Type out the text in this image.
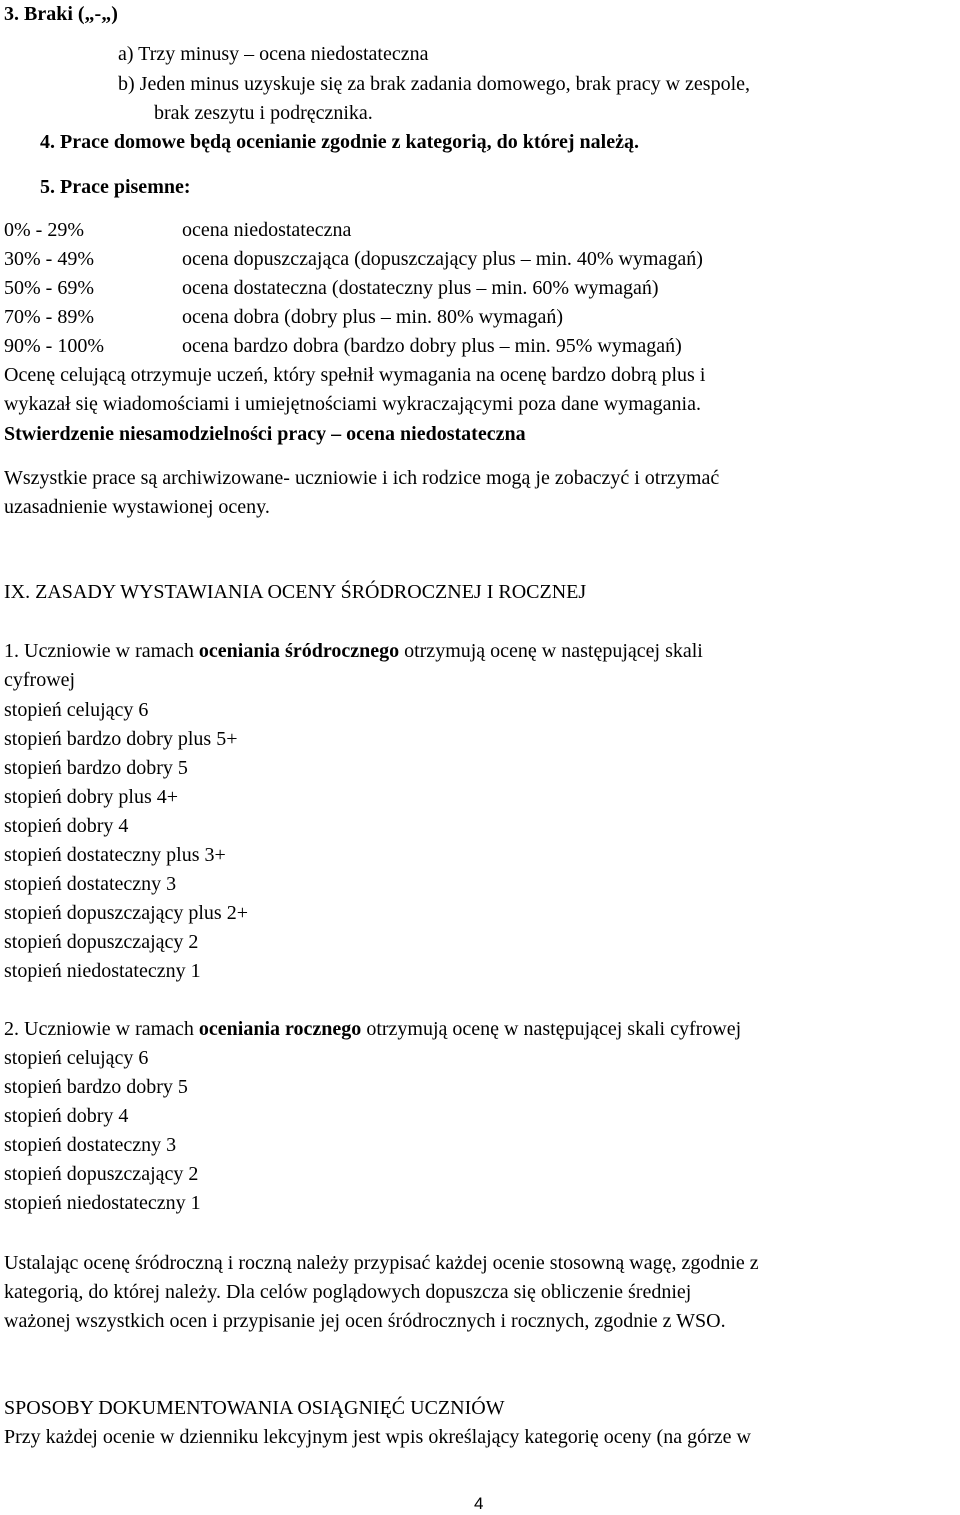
3. Braki („-„)
a) Trzy minusy – ocena niedostateczna
b) Jeden minus uzyskuje się za brak zadania domowego, brak pracy w zespole,
brak zeszytu i podręcznika.
4. Prace domowe będą ocenianie zgodnie z kategorią, do której należą.
5. Prace pisemne:
0% - 29%	ocena niedostateczna
30% - 49%	ocena dopuszczająca (dopuszczający plus – min. 40% wymagań)
50% - 69%	ocena dostateczna (dostateczny plus – min. 60% wymagań)
70% - 89%	ocena dobra (dobry plus – min. 80% wymagań)
90% - 100%	ocena bardzo dobra (bardzo dobry plus – min. 95% wymagań)
Ocenę celującą otrzymuje uczeń, który spełnił wymagania na ocenę bardzo dobrą plus i
wykazał się wiadomościami i umiejętnościami wykraczającymi poza dane wymagania.
Stwierdzenie niesamodzielności pracy – ocena niedostateczna
Wszystkie prace są archiwizowane- uczniowie i ich rodzice mogą je zobaczyć i otrzymać
uzasadnienie wystawionej oceny.
IX. ZASADY WYSTAWIANIA OCENY ŚRÓDROCZNEJ I ROCZNEJ
1. Uczniowie w ramach oceniania śródrocznego otrzymują ocenę w następującej skali
cyfrowej
stopień celujący 6
stopień bardzo dobry plus 5+
stopień bardzo dobry 5
stopień dobry plus 4+
stopień dobry 4
stopień dostateczny plus 3+
stopień dostateczny 3
stopień dopuszczający plus 2+
stopień dopuszczający 2
stopień niedostateczny 1
2. Uczniowie w ramach oceniania rocznego otrzymują ocenę w następującej skali cyfrowej
stopień celujący 6
stopień bardzo dobry 5
stopień dobry 4
stopień dostateczny 3
stopień dopuszczający 2
stopień niedostateczny 1
Ustalając ocenę śródroczną i roczną należy przypisać każdej ocenie stosowną wagę, zgodnie z
kategorią, do której należy. Dla celów poglądowych dopuszcza się obliczenie średniej
ważonej wszystkich ocen i przypisanie jej ocen śródrocznych i rocznych, zgodnie z WSO.
SPOSOBY DOKUMENTOWANIA OSIĄGNIĘĆ UCZNIÓW
Przy każdej ocenie w dzienniku lekcyjnym jest wpis określający kategorię oceny (na górze w
4
